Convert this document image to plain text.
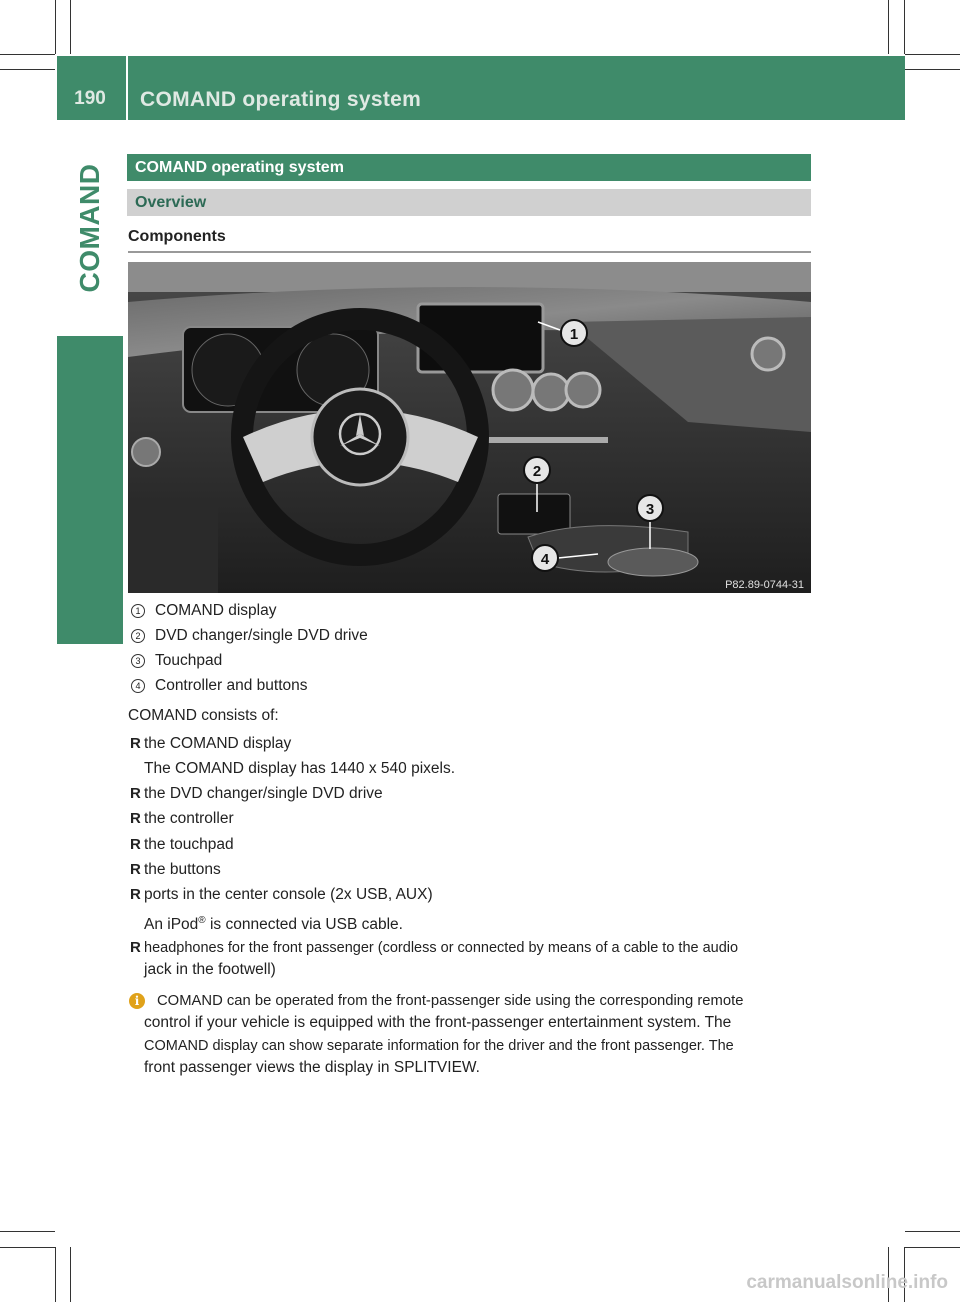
190	COMAND operating system
COMAND	COMAND operating system
Overview
Components
1
2
3
4
P82.89-0744-31
1 COMAND display
2 DVD changer/single DVD drive
3 Touchpad
4 Controller and buttons
COMAND consists of:
R the COMAND display
The COMAND display has 1440 x 540 pixels.
R the DVD changer/single DVD drive
R the controller
R the touchpad
R the buttons
R ports in the center console (2x USB, AUX)
An iPod® is connected via USB cable.
R headphones for the front passenger (cordless or connected by means of a cable to the audio
jack in the footwell)
i	COMAND can be operated from the front-passenger side using the corresponding remote
control if your vehicle is equipped with the front-passenger entertainment system. The
COMAND display can show separate information for the driver and the front passenger. The
front passenger views the display in SPLITVIEW.
carmanualsonline.info
